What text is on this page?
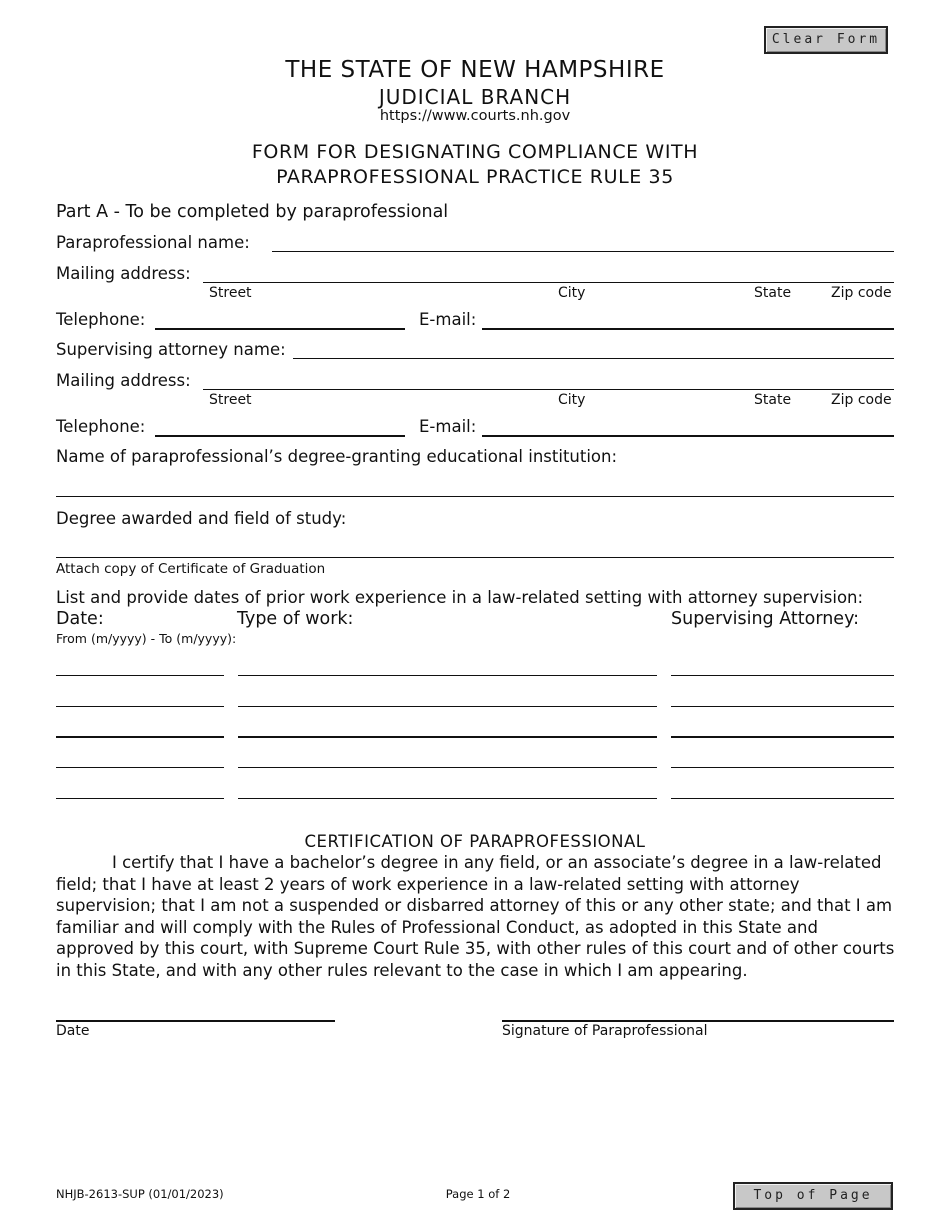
Clear Form
THE STATE OF NEW HAMPSHIRE
JUDICIAL BRANCH
https://www.courts.nh.gov
FORM FOR DESIGNATING COMPLIANCE WITH
PARAPROFESSIONAL PRACTICE RULE 35
Part A - To be completed by paraprofessional
Paraprofessional name:
Mailing address:
Street	City	State	Zip code
Telephone:	E-mail:
Supervising attorney name:
Mailing address:
Street	City	State	Zip code
Telephone:	E-mail:
Name of paraprofessional’s degree-granting educational institution:
Degree awarded and field of study:
Attach copy of Certificate of Graduation
List and provide dates of prior work experience in a law-related setting with attorney supervision:
Date:	Type of work:	Supervising Attorney:
From (m/yyyy) - To (m/yyyy):
CERTIFICATION OF PARAPROFESSIONAL
I certify that I have a bachelor’s degree in any field, or an associate’s degree in a law-related field; that I have at least 2 years of work experience in a law-related setting with attorney supervision; that I am not a suspended or disbarred attorney of this or any other state; and that I am familiar and will comply with the Rules of Professional Conduct, as adopted in this State and approved by this court, with Supreme Court Rule 35, with other rules of this court and of other courts in this State, and with any other rules relevant to the case in which I am appearing.
Date	Signature of Paraprofessional
NHJB-2613-SUP (01/01/2023)	Page 1 of 2	Top of Page
